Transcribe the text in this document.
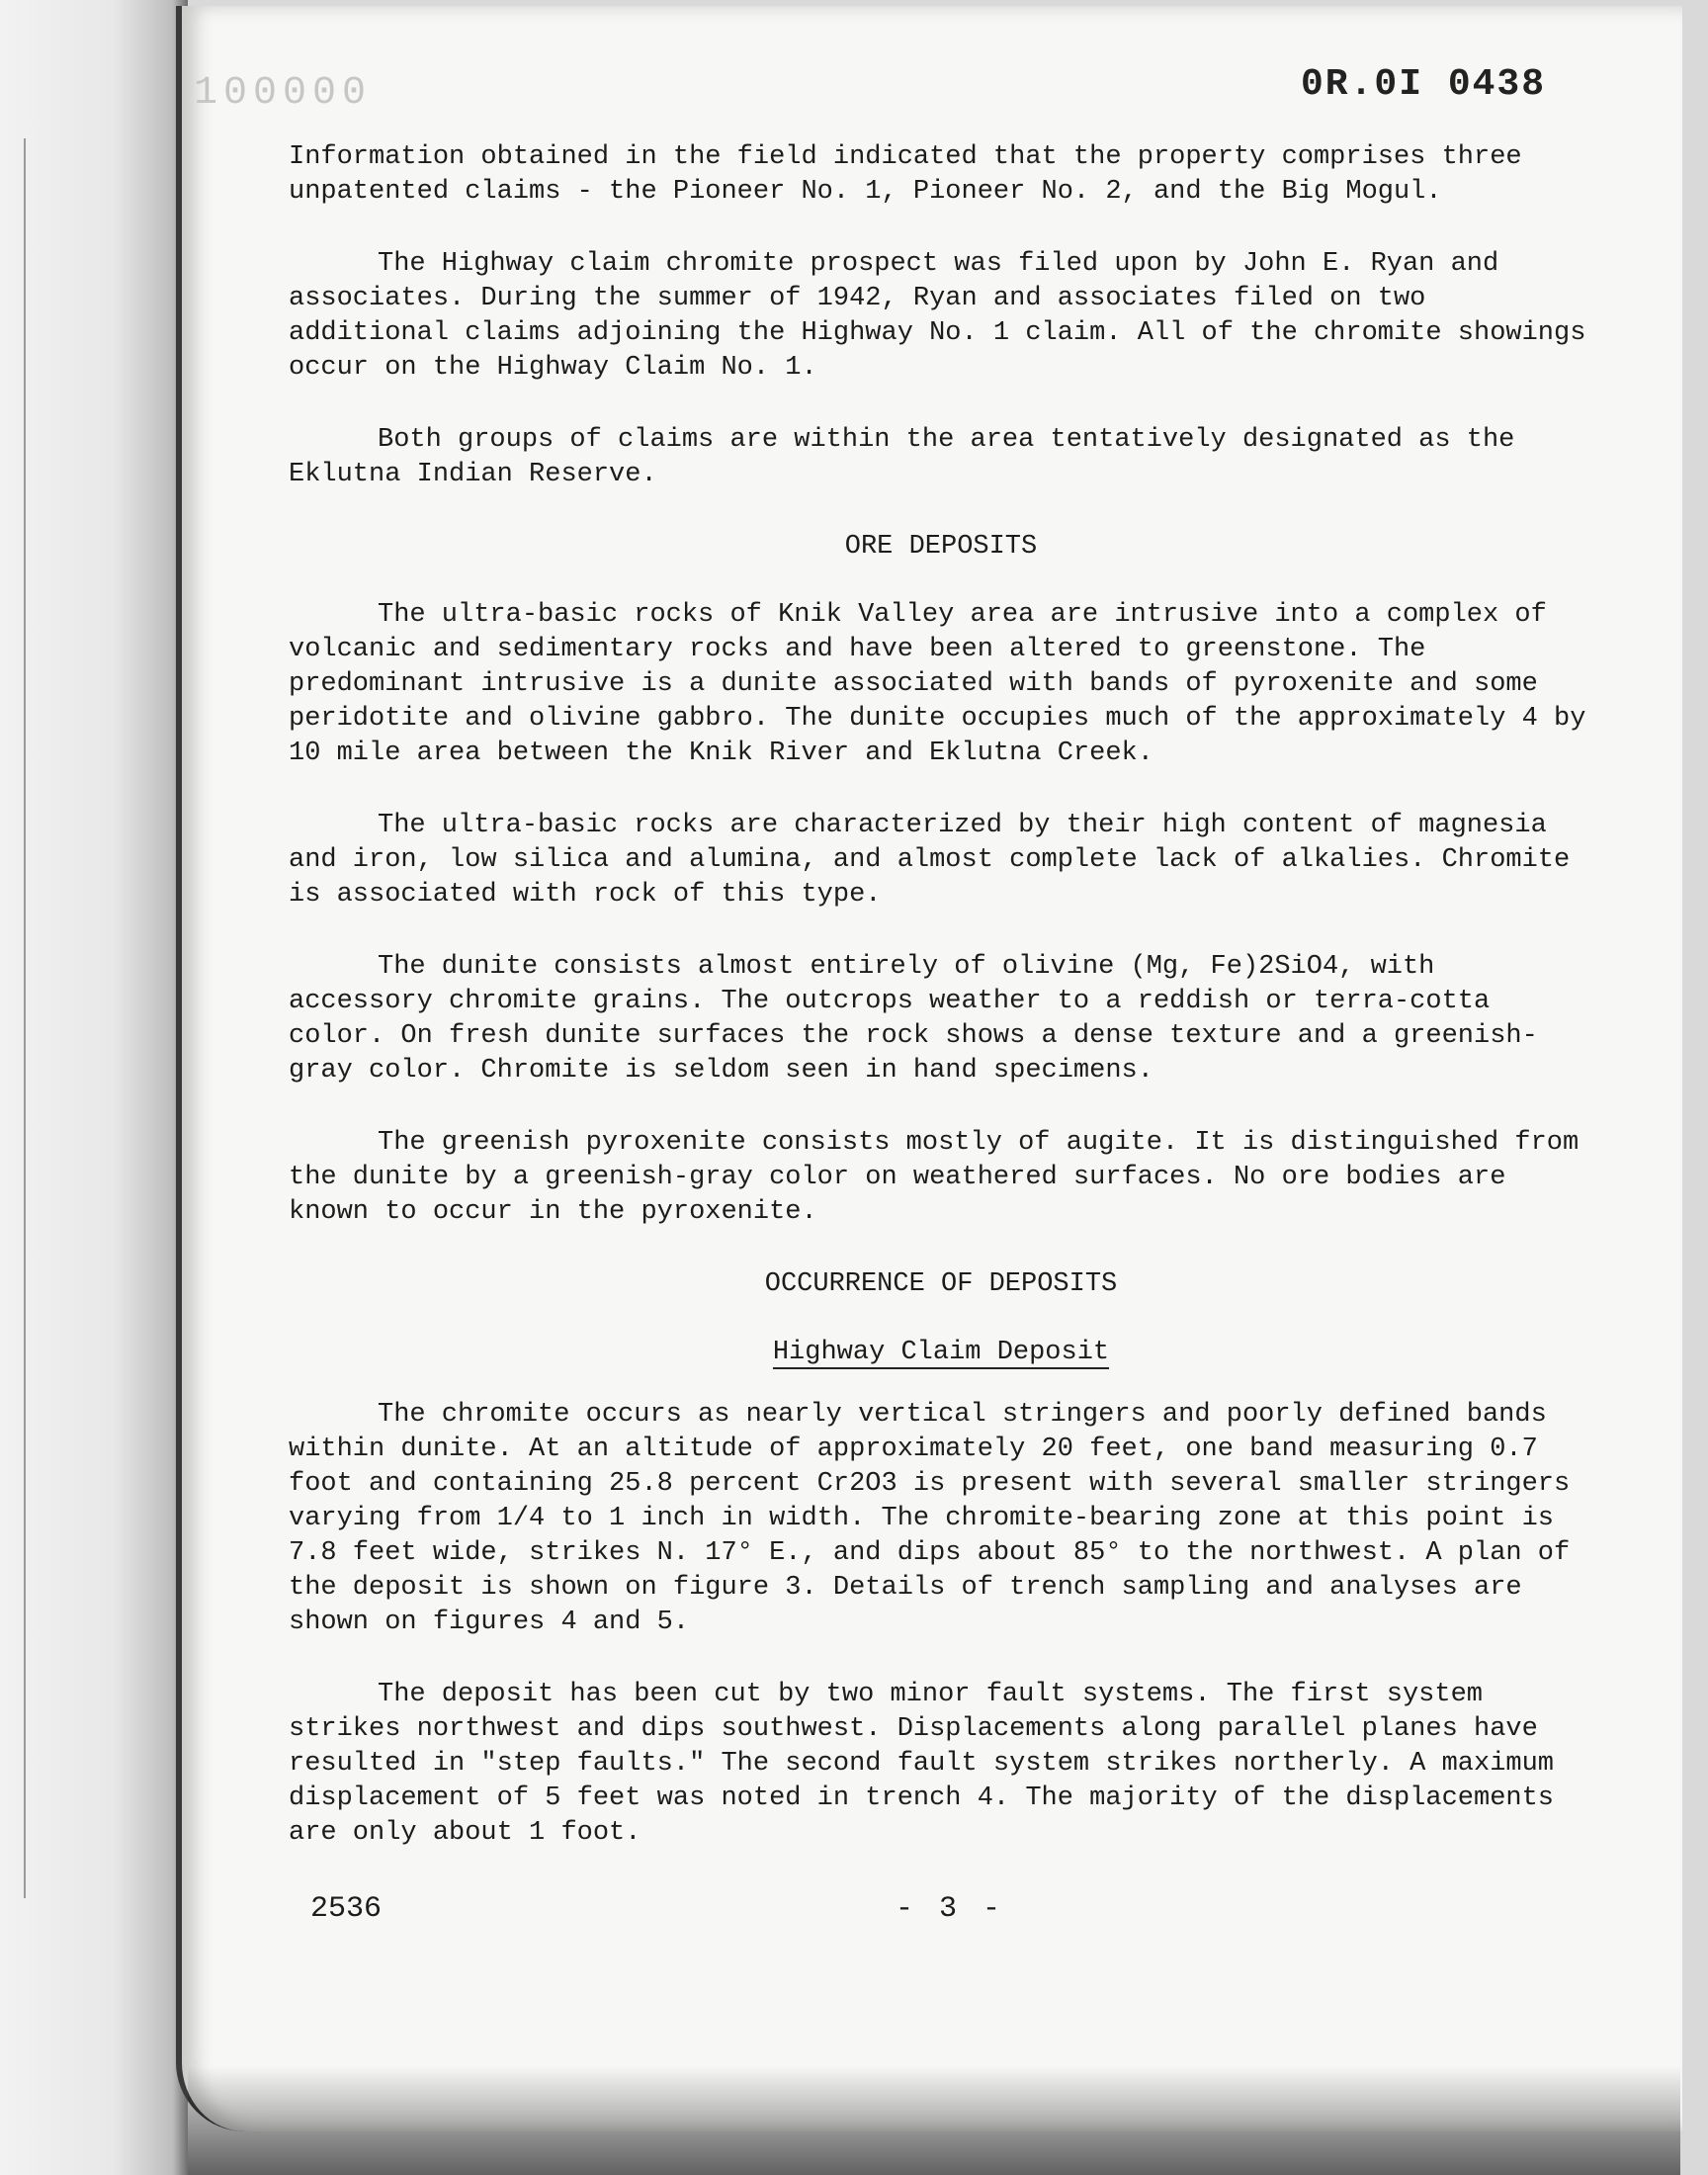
100000	0R.0I 0438

Information obtained in the field indicated that the property comprises three unpatented claims - the Pioneer No. 1, Pioneer No. 2, and the Big Mogul.

The Highway claim chromite prospect was filed upon by John E. Ryan and associates. During the summer of 1942, Ryan and associates filed on two additional claims adjoining the Highway No. 1 claim. All of the chromite showings occur on the Highway Claim No. 1.

Both groups of claims are within the area tentatively designated as the Eklutna Indian Reserve.

ORE DEPOSITS

The ultra-basic rocks of Knik Valley area are intrusive into a complex of volcanic and sedimentary rocks and have been altered to greenstone. The predominant intrusive is a dunite associated with bands of pyroxenite and some peridotite and olivine gabbro. The dunite occupies much of the approximately 4 by 10 mile area between the Knik River and Eklutna Creek.

The ultra-basic rocks are characterized by their high content of magnesia and iron, low silica and alumina, and almost complete lack of alkalies. Chromite is associated with rock of this type.

The dunite consists almost entirely of olivine (Mg, Fe)2SiO4, with accessory chromite grains. The outcrops weather to a reddish or terra-cotta color. On fresh dunite surfaces the rock shows a dense texture and a greenish-gray color. Chromite is seldom seen in hand specimens.

The greenish pyroxenite consists mostly of augite. It is distinguished from the dunite by a greenish-gray color on weathered surfaces. No ore bodies are known to occur in the pyroxenite.

OCCURRENCE OF DEPOSITS
Highway Claim Deposit

The chromite occurs as nearly vertical stringers and poorly defined bands within dunite. At an altitude of approximately 20 feet, one band measuring 0.7 foot and containing 25.8 percent Cr2O3 is present with several smaller stringers varying from 1/4 to 1 inch in width. The chromite-bearing zone at this point is 7.8 feet wide, strikes N. 17° E., and dips about 85° to the northwest. A plan of the deposit is shown on figure 3. Details of trench sampling and analyses are shown on figures 4 and 5.

The deposit has been cut by two minor fault systems. The first system strikes northwest and dips southwest. Displacements along parallel planes have resulted in "step faults." The second fault system strikes northerly. A maximum displacement of 5 feet was noted in trench 4. The majority of the displacements are only about 1 foot.

2536	- 3 -
